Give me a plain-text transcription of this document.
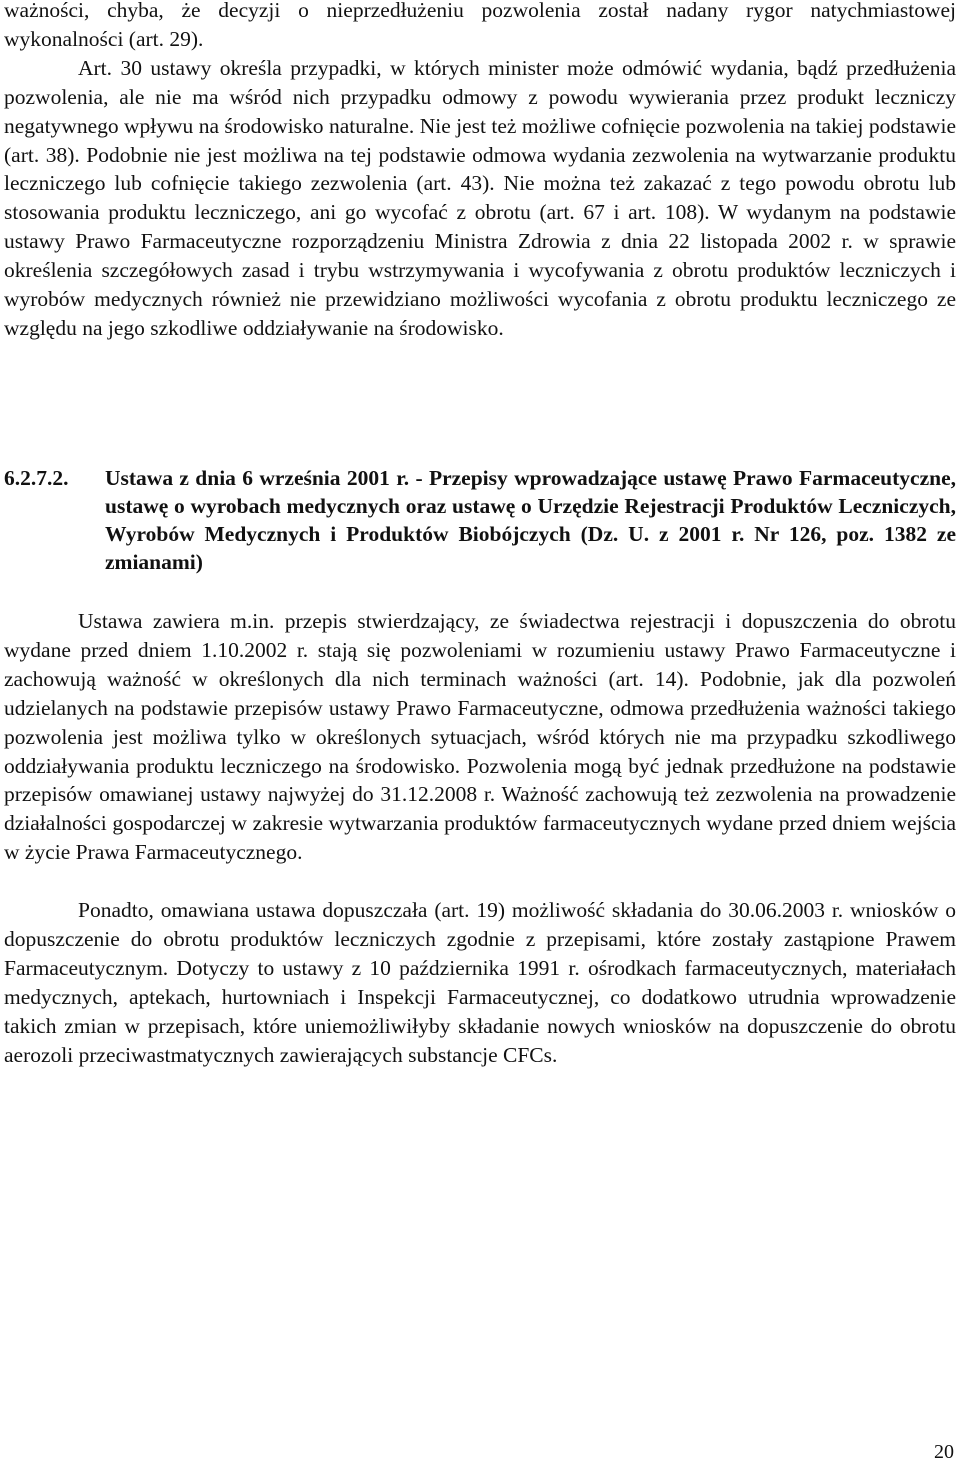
ważności, chyba, że decyzji o nieprzedłużeniu pozwolenia został nadany rygor natychmiastowej wykonalności (art. 29).

Art. 30 ustawy określa przypadki, w których minister może odmówić wydania, bądź przedłużenia pozwolenia, ale nie ma wśród nich przypadku odmowy z powodu wywierania przez produkt leczniczy negatywnego wpływu na środowisko naturalne. Nie jest też możliwe cofnięcie pozwolenia na takiej podstawie (art. 38). Podobnie nie jest możliwa na tej podstawie odmowa wydania zezwolenia na wytwarzanie produktu leczniczego lub cofnięcie takiego zezwolenia (art. 43). Nie można też zakazać z tego powodu obrotu lub stosowania produktu leczniczego, ani go wycofać z obrotu (art. 67 i art. 108). W wydanym na podstawie ustawy Prawo Farmaceutyczne rozporządzeniu Ministra Zdrowia z dnia 22 listopada 2002 r. w sprawie określenia szczegółowych zasad i trybu wstrzymywania i wycofywania z obrotu produktów leczniczych i wyrobów medycznych również nie przewidziano możliwości wycofania z obrotu produktu leczniczego ze względu na jego szkodliwe oddziaływanie na środowisko.

6.2.7.2.	Ustawa z dnia 6 września 2001 r. - Przepisy wprowadzające ustawę Prawo Farmaceutyczne, ustawę o wyrobach medycznych oraz ustawę o Urzędzie Rejestracji Produktów Leczniczych, Wyrobów Medycznych i Produktów Biobójczych (Dz. U. z 2001 r. Nr 126, poz. 1382 ze zmianami)

Ustawa zawiera m.in. przepis stwierdzający, ze świadectwa rejestracji i dopuszczenia do obrotu wydane przed dniem 1.10.2002 r. stają się pozwoleniami w rozumieniu ustawy Prawo Farmaceutyczne i zachowują ważność w określonych dla nich terminach ważności (art. 14). Podobnie, jak dla pozwoleń udzielanych na podstawie przepisów ustawy Prawo Farmaceutyczne, odmowa przedłużenia ważności takiego pozwolenia jest możliwa tylko w określonych sytuacjach, wśród których nie ma przypadku szkodliwego oddziaływania produktu leczniczego na środowisko. Pozwolenia mogą być jednak przedłużone na podstawie przepisów omawianej ustawy najwyżej do 31.12.2008 r. Ważność zachowują też zezwolenia na prowadzenie działalności gospodarczej w zakresie wytwarzania produktów farmaceutycznych wydane przed dniem wejścia w życie Prawa Farmaceutycznego.

Ponadto, omawiana ustawa dopuszczała (art. 19) możliwość składania do 30.06.2003 r. wniosków o dopuszczenie do obrotu produktów leczniczych zgodnie z przepisami, które zostały zastąpione Prawem Farmaceutycznym. Dotyczy to ustawy z 10 października 1991 r. ośrodkach farmaceutycznych, materiałach medycznych, aptekach, hurtowniach i Inspekcji Farmaceutycznej, co dodatkowo utrudnia wprowadzenie takich zmian w przepisach, które uniemożliwiłyby składanie nowych wniosków na dopuszczenie do obrotu aerozoli przeciwastmatycznych zawierających substancje CFCs.

20
